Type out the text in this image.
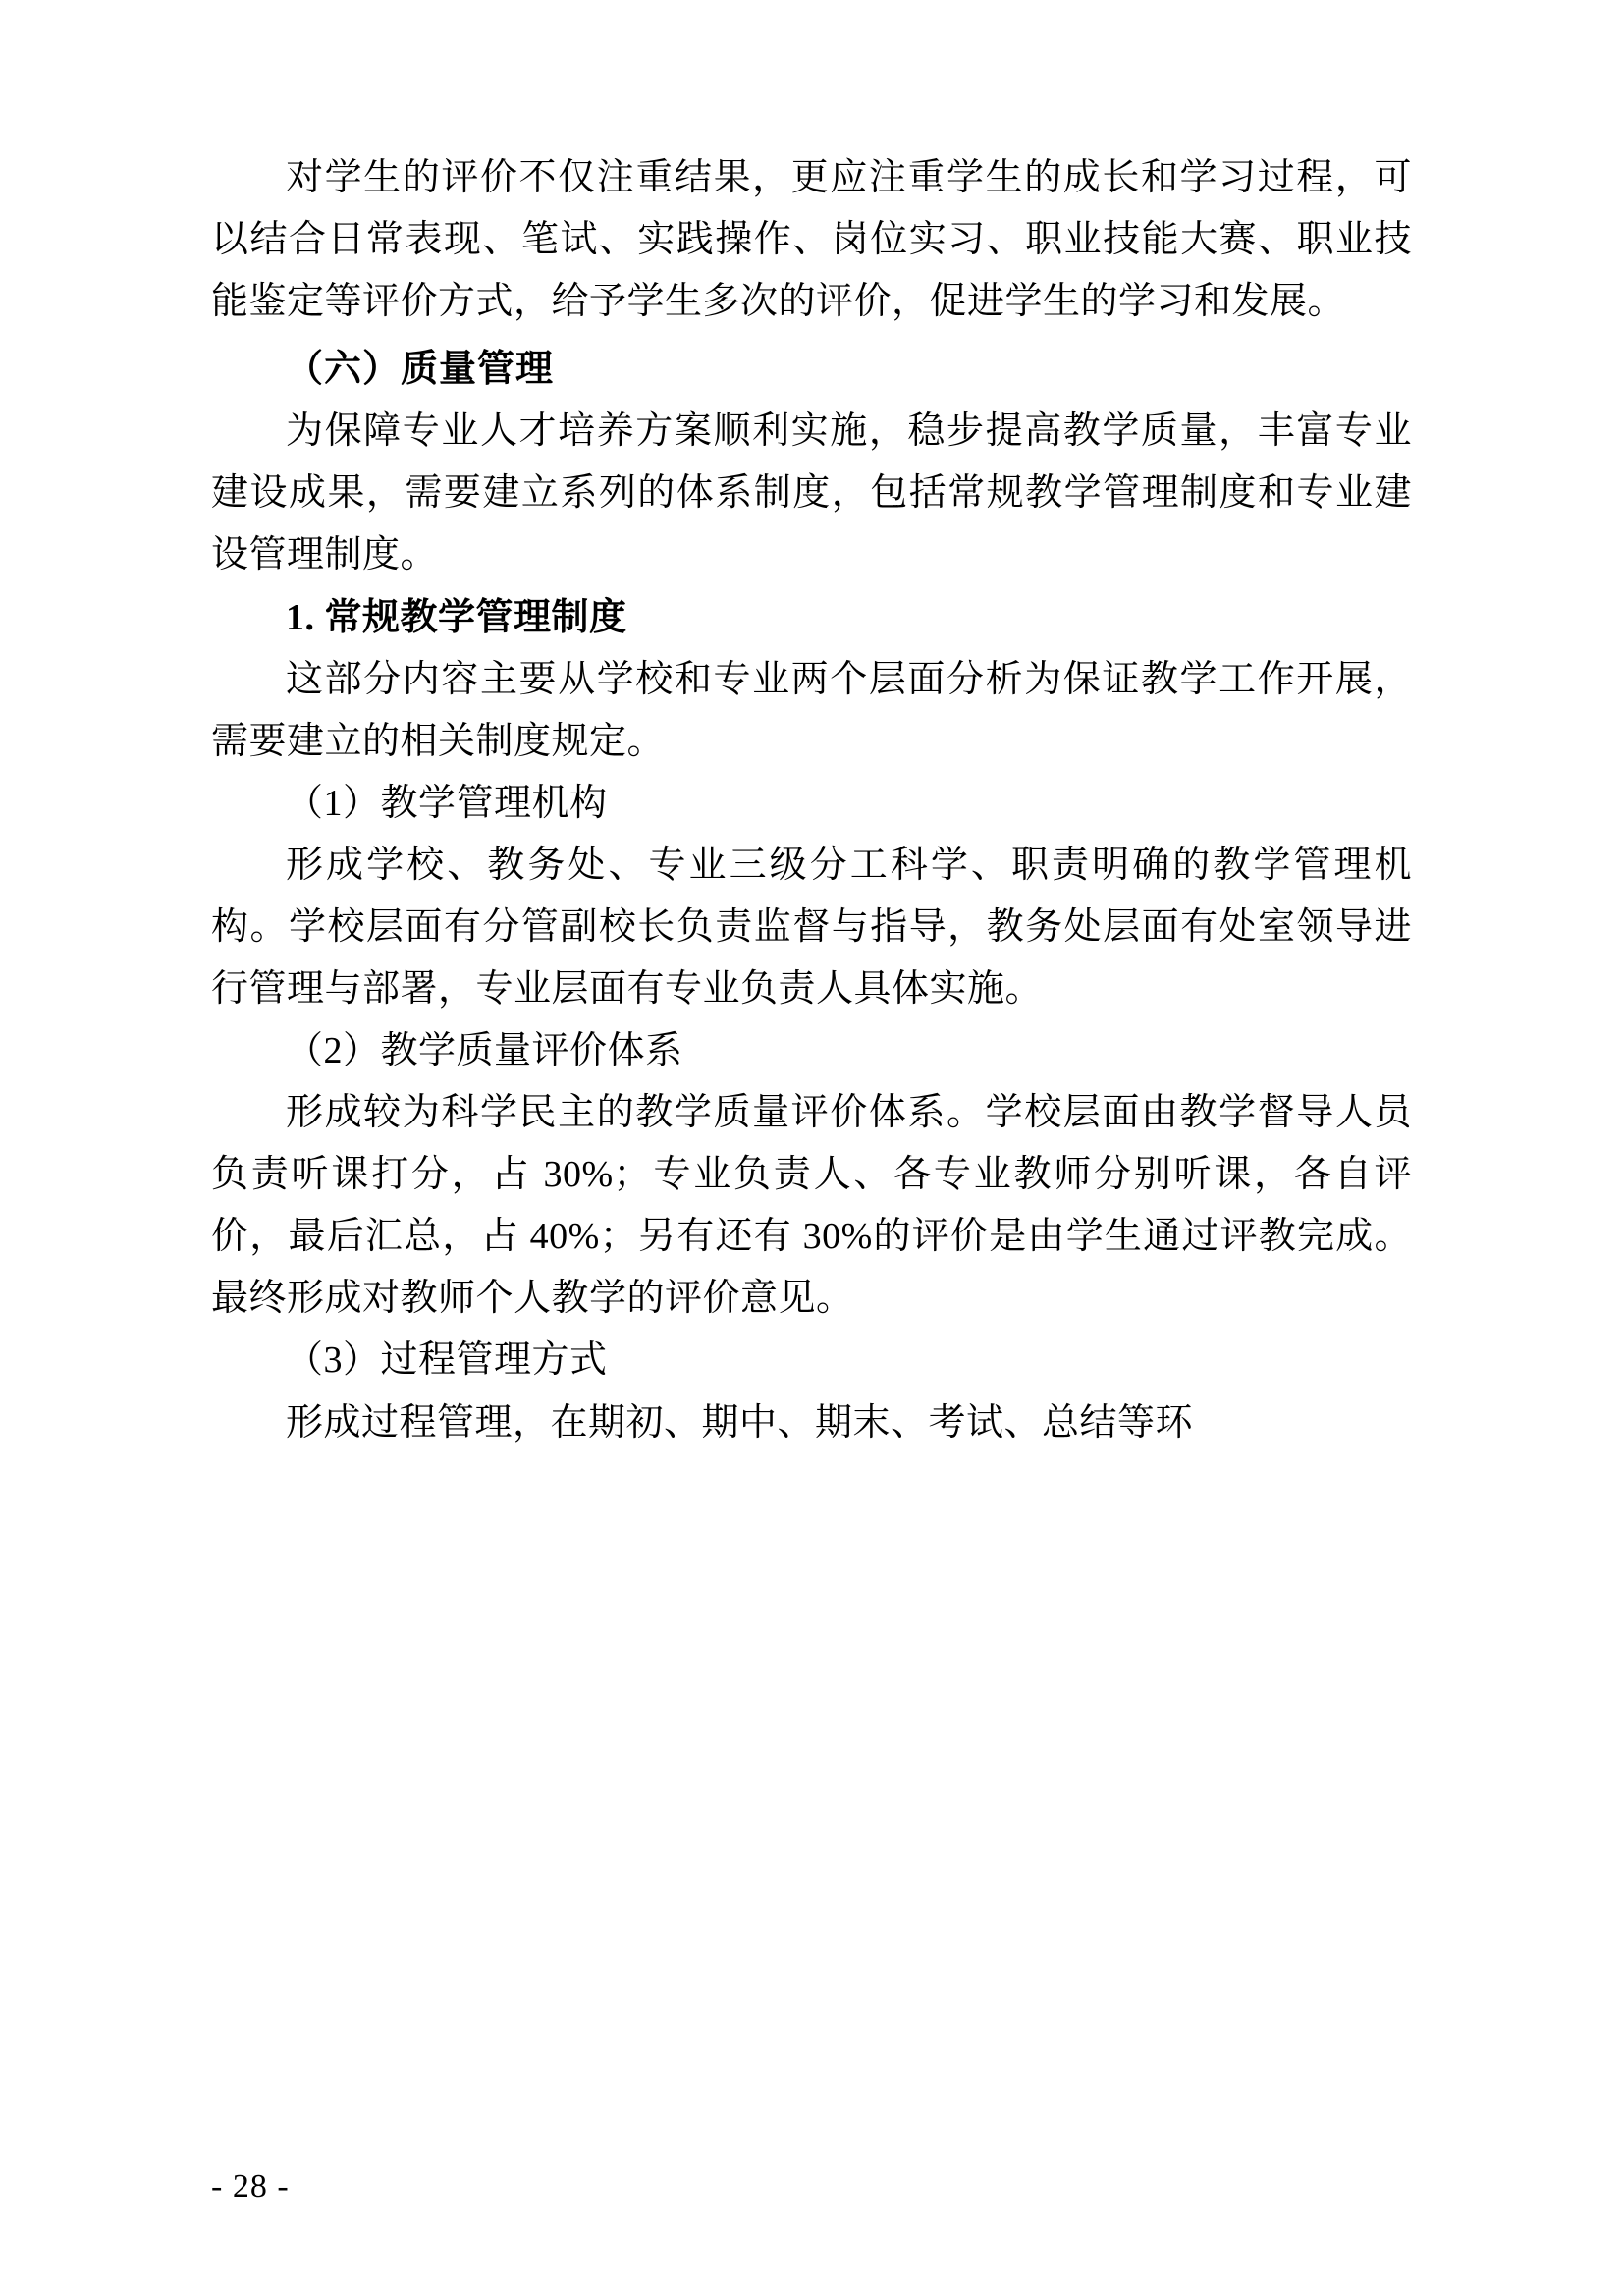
对学生的评价不仅注重结果，更应注重学生的成长和学习过程，可以结合日常表现、笔试、实践操作、岗位实习、职业技能大赛、职业技能鉴定等评价方式，给予学生多次的评价，促进学生的学习和发展。

（六）质量管理

为保障专业人才培养方案顺利实施，稳步提高教学质量，丰富专业建设成果，需要建立系列的体系制度，包括常规教学管理制度和专业建设管理制度。

1. 常规教学管理制度

这部分内容主要从学校和专业两个层面分析为保证教学工作开展，需要建立的相关制度规定。

（1）教学管理机构

形成学校、教务处、专业三级分工科学、职责明确的教学管理机构。学校层面有分管副校长负责监督与指导，教务处层面有处室领导进行管理与部署，专业层面有专业负责人具体实施。

（2）教学质量评价体系

形成较为科学民主的教学质量评价体系。学校层面由教学督导人员负责听课打分，占 30%；专业负责人、各专业教师分别听课，各自评价，最后汇总，占 40%；另有还有 30%的评价是由学生通过评教完成。最终形成对教师个人教学的评价意见。

（3）过程管理方式

形成过程管理，在期初、期中、期末、考试、总结等环

- 28 -
